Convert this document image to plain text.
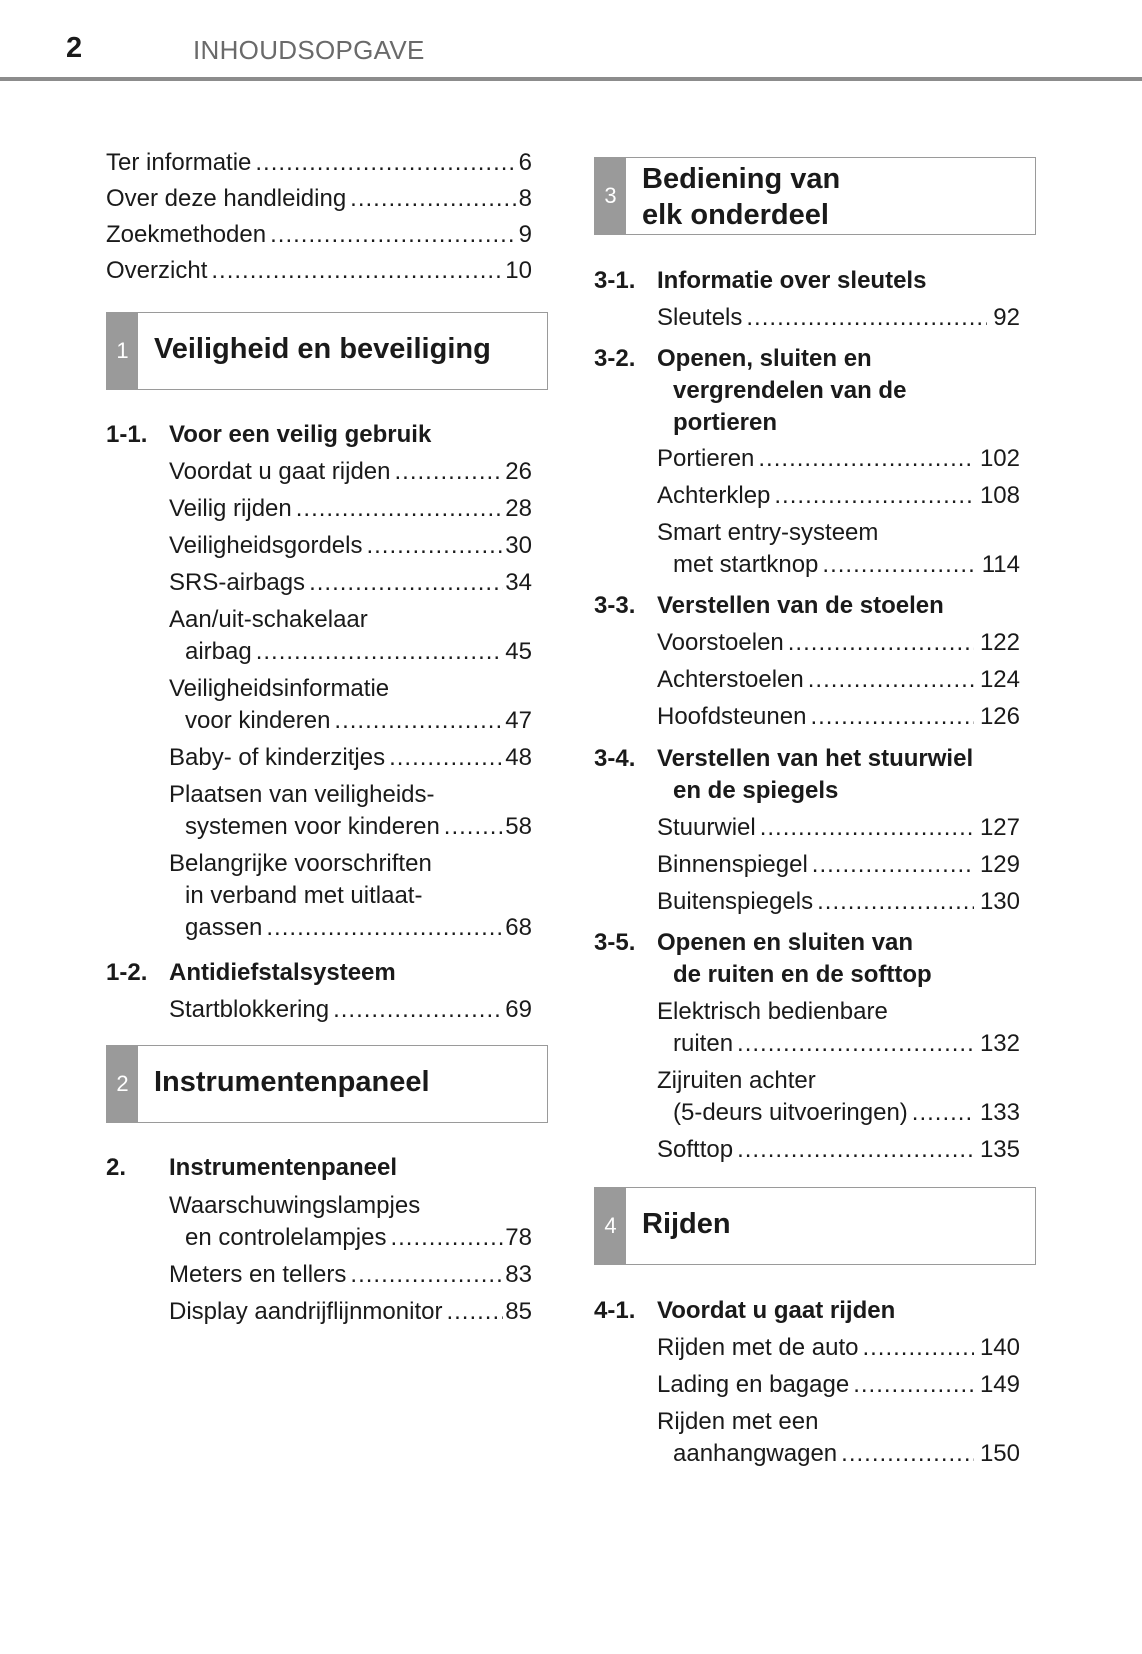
2	INHOUDSOPGAVE
Ter informatie .....	6
Over deze handleiding .....	8
Zoekmethoden .....	9
Overzicht .....	10
1 Veiligheid en beveiliging
1-1. Voor een veilig gebruik
Voordat u gaat rijden .....	26
Veilig rijden .....	28
Veiligheidsgordels .....	30
SRS-airbags .....	34
Aan/uit-schakelaar
airbag .....	45
Veiligheidsinformatie
voor kinderen .....	47
Baby- of kinderzitjes .....	48
Plaatsen van veiligheids-
systemen voor kinderen .....	58
Belangrijke voorschriften
in verband met uitlaat-
gassen .....	68
1-2. Antidiefstalsysteem
Startblokkering .....	69
2 Instrumentenpaneel
2. Instrumentenpaneel
Waarschuwingslampjes
en controlelampjes .....	78
Meters en tellers .....	83
Display aandrijflijnmonitor .....	85
3
Bediening van
elk onderdeel
3-1. Informatie over sleutels
Sleutels .....	92
3-2. Openen, sluiten en
vergrendelen van de
portieren
Portieren .....	102
Achterklep .....	108
Smart entry-systeem
met startknop .....	114
3-3. Verstellen van de stoelen
Voorstoelen .....	122
Achterstoelen .....	124
Hoofdsteunen .....	126
3-4. Verstellen van het stuurwiel
en de spiegels
Stuurwiel .....	127
Binnenspiegel .....	129
Buitenspiegels .....	130
3-5. Openen en sluiten van
de ruiten en de softtop
Elektrisch bedienbare
ruiten .....	132
Zijruiten achter
(5-deurs uitvoeringen) .....	133
Softtop .....	135
4 Rijden
4-1. Voordat u gaat rijden
Rijden met de auto .....	140
Lading en bagage .....	149
Rijden met een
aanhangwagen .....	150
